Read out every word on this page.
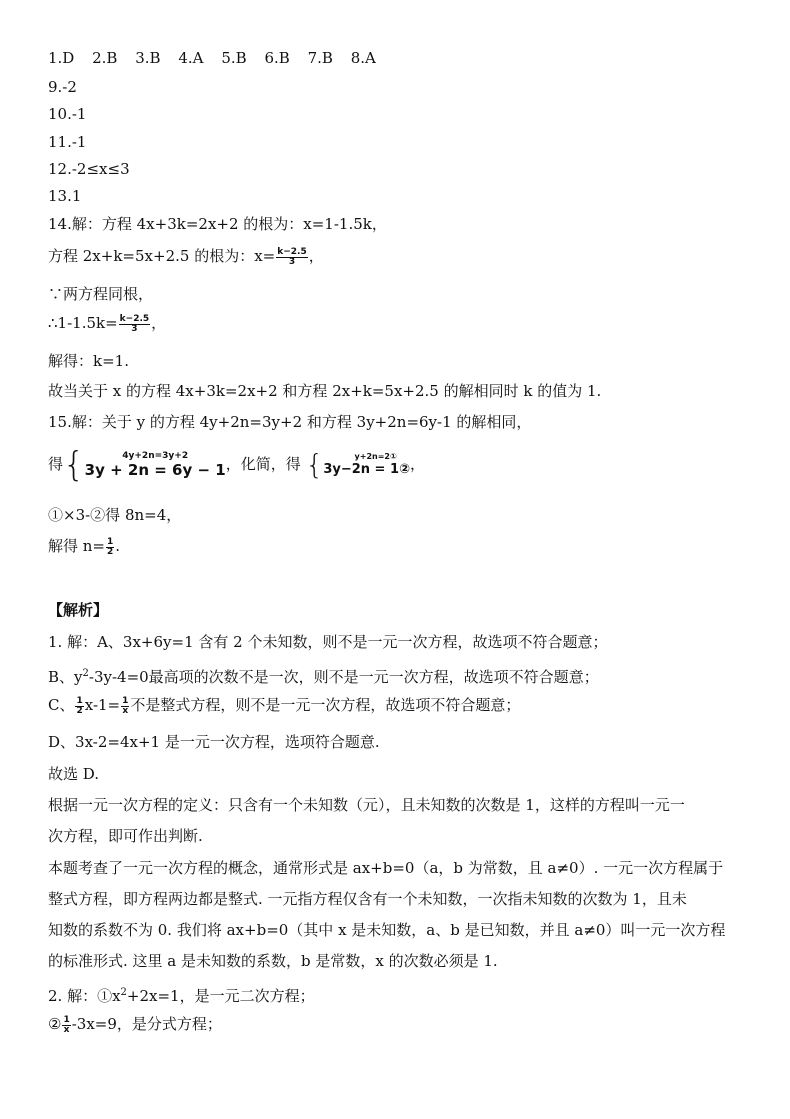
1.D 2.B 3.B 4.A 5.B 6.B 7.B 8.A
9.-2
10.-1
11.-1
12.-2≤x≤3
13.1
14.解：方程 4x+3k=2x+2 的根为：x=1-1.5k，
方程 2x+k=5x+2.5 的根为：$x= \frac{k-2.5}{3}$ ，
∵两方程同根，
∴1-1.5k= $\frac{k-2.5}{3}$ ，
解得：k=1.
故当关于 x 的方程 4x+3k=2x+2 和方程 2x+k=5x+2.5 的解相同时 k 的值为 1.
15.解：关于 y 的方程 4y+2n=3y+2 和方程 3y+2n=6y-1 的解相同，
得{	4y+2n=3y+2
3y + 2n = 6y − 1 ，化简，得 {	y+2n=2①
3y−2n = 1② ，
①×3-②得 8n=4，
解得 $n= \frac{1}{2}$ .
【解析】
1. 解：A、3x+6y=1 含有 2 个未知数，则不是一元一次方程，故选项不符合题意；
B、$y^2-3y-4=0$最高项的次数不是一次，则不是一元一次方程，故选项不符合题意；
C、 $\frac{1}{2} x-1= \frac{1}{x}$ 不是整式方程，则不是一元一次方程，故选项不符合题意；
D、3x-2=4x+1 是一元一次方程，选项符合题意.
故选 D.
根据一元一次方程的定义：只含有一个未知数（元），且未知数的次数是 1，这样的方程叫一元一
次方程，即可作出判断.
本题考查了一元一次方程的概念，通常形式是 ax+b=0（a，b 为常数，且 a≠0）. 一元一次方程属于
整式方程，即方程两边都是整式. 一元指方程仅含有一个未知数，一次指未知数的次数为 1，且未
知数的系数不为 0. 我们将 ax+b=0（其中 x 是未知数，a、b 是已知数，并且 a≠0）叫一元一次方程
的标准形式. 这里 a 是未知数的系数，b 是常数，x 的次数必须是 1.
2. 解：$①x^2+2x=1$，是一元二次方程；
② $\frac{1}{x} -3x=9$，是分式方程；
